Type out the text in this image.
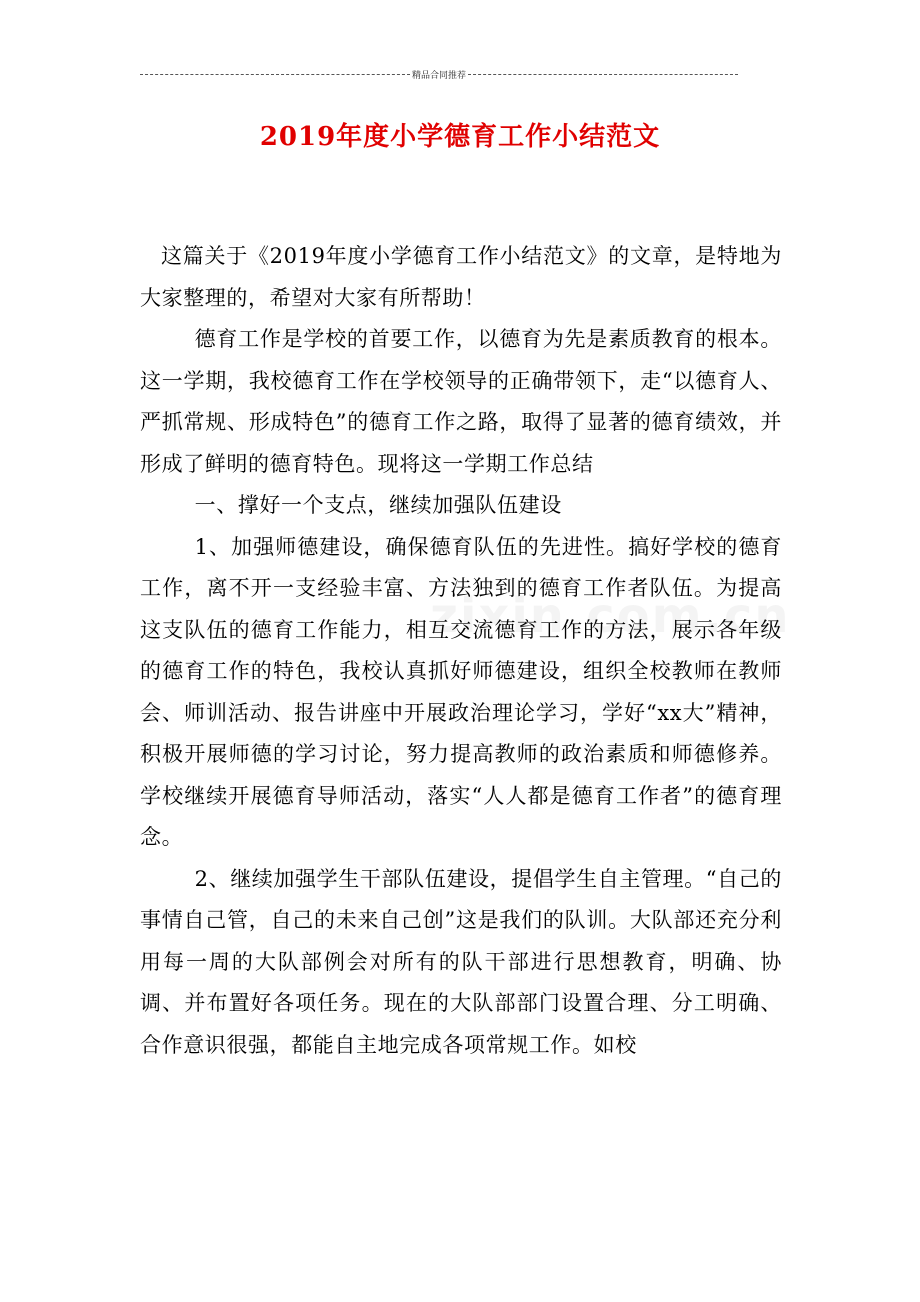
精品合同推荐
2019年度小学德育工作小结范文

这篇关于《2019年度小学德育工作小结范文》的文章，是特地为大家整理的，希望对大家有所帮助！

德育工作是学校的首要工作，以德育为先是素质教育的根本。这一学期，我校德育工作在学校领导的正确带领下，走“以德育人、严抓常规、形成特色”的德育工作之路，取得了显著的德育绩效，并形成了鲜明的德育特色。现将这一学期工作总结

一、撑好一个支点，继续加强队伍建设

1、加强师德建设，确保德育队伍的先进性。搞好学校的德育工作，离不开一支经验丰富、方法独到的德育工作者队伍。为提高这支队伍的德育工作能力，相互交流德育工作的方法，展示各年级的德育工作的特色，我校认真抓好师德建设，组织全校教师在教师会、师训活动、报告讲座中开展政治理论学习，学好“xx大”精神，积极开展师德的学习讨论，努力提高教师的政治素质和师德修养。学校继续开展德育导师活动，落实“人人都是德育工作者”的德育理念。

2、继续加强学生干部队伍建设，提倡学生自主管理。“自己的事情自己管，自己的未来自己创”这是我们的队训。大队部还充分利用每一周的大队部例会对所有的队干部进行思想教育，明确、协调、并布置好各项任务。现在的大队部部门设置合理、分工明确、合作意识很强，都能自主地完成各项常规工作。如校
